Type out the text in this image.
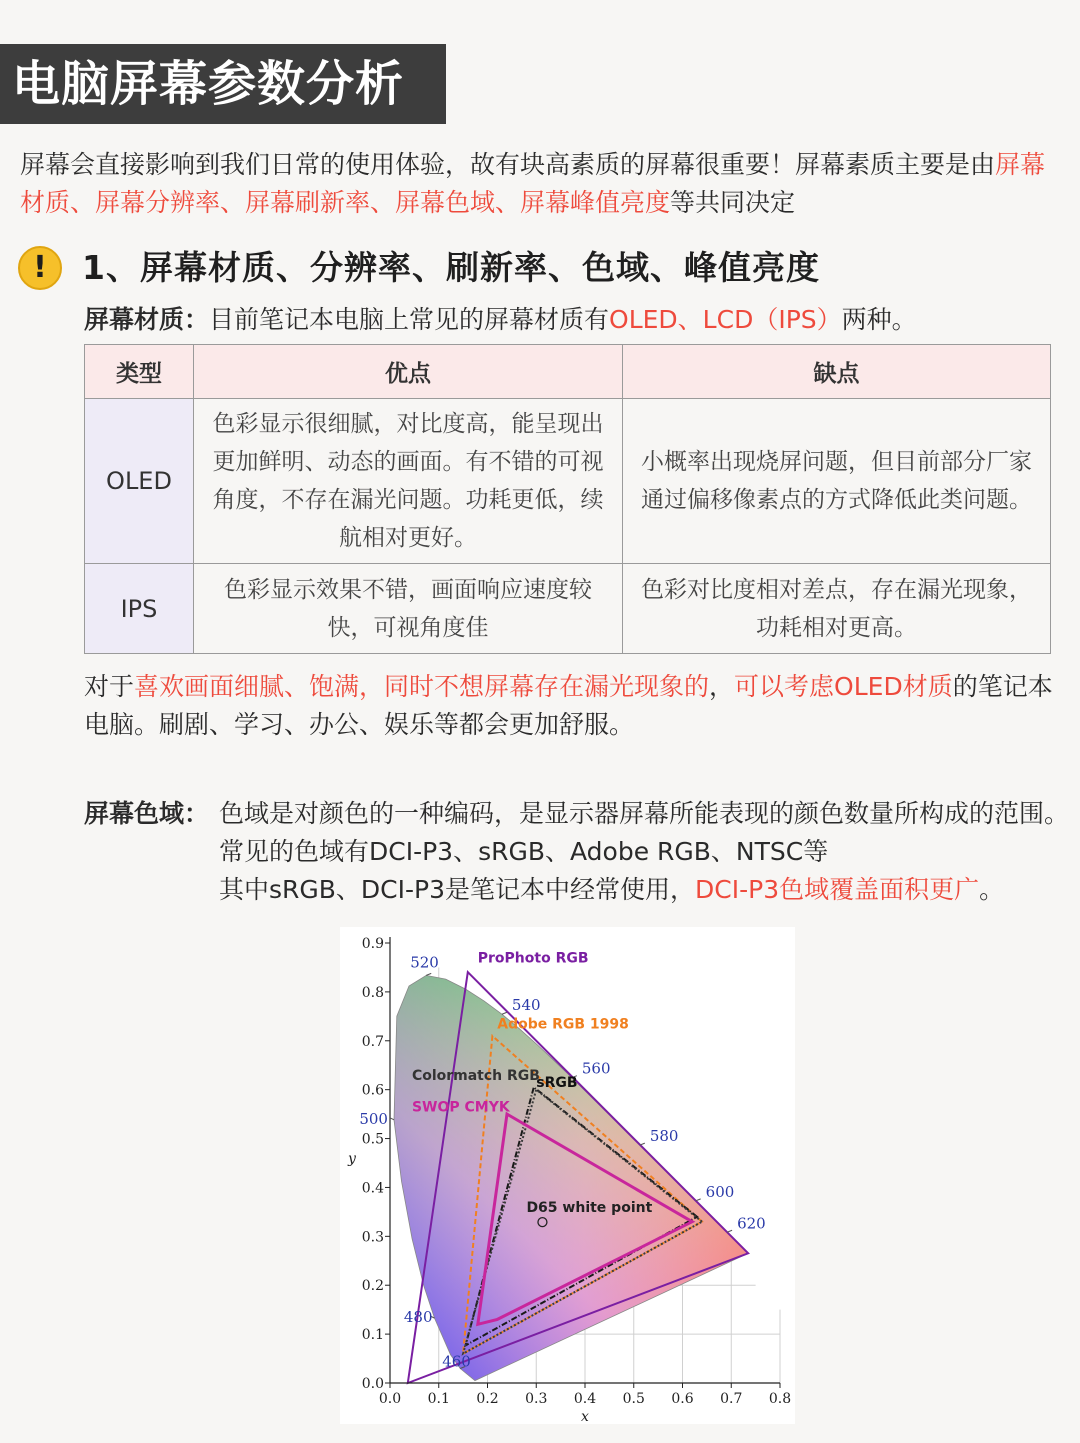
电脑屏幕参数分析
屏幕会直接影响到我们日常的使用体验，故有块高素质的屏幕很重要！屏幕素质主要是由屏幕材质、屏幕分辨率、屏幕刷新率、屏幕色域、屏幕峰值亮度等共同决定
!	1、屏幕材质、分辨率、刷新率、色域、峰值亮度
屏幕材质：目前笔记本电脑上常见的屏幕材质有OLED、LCD（IPS）两种。
类型	优点	缺点
OLED	色彩显示很细腻，对比度高，能呈现出更加鲜明、动态的画面。有不错的可视角度，不存在漏光问题。功耗更低，续航相对更好。	小概率出现烧屏问题，但目前部分厂家通过偏移像素点的方式降低此类问题。
IPS	色彩显示效果不错，画面响应速度较快，可视角度佳	色彩对比度相对差点，存在漏光现象，功耗相对更高。
对于喜欢画面细腻、饱满，同时不想屏幕存在漏光现象的，可以考虑OLED材质的笔记本电脑。刷剧、学习、办公、娱乐等都会更加舒服。
屏幕色域： 色域是对颜色的一种编码，是显示器屏幕所能表现的颜色数量所构成的范围。常见的色域有DCI-P3、sRGB、Adobe RGB、NTSC等
其中sRGB、DCI-P3是笔记本中经常使用，DCI-P3色域覆盖面积更广。
0.0 0.1 0.2 0.3 0.4 0.5 0.6 0.7 0.8
0.0
0.1
0.2
0.3
0.4
0.5
0.6
0.7
0.8
0.9
x
y
460
480
500
520
540
560
580
600
620
ProPhoto RGB
Adobe RGB 1998
Colormatch RGB
sRGB
SWOP CMYK
D65 white point
